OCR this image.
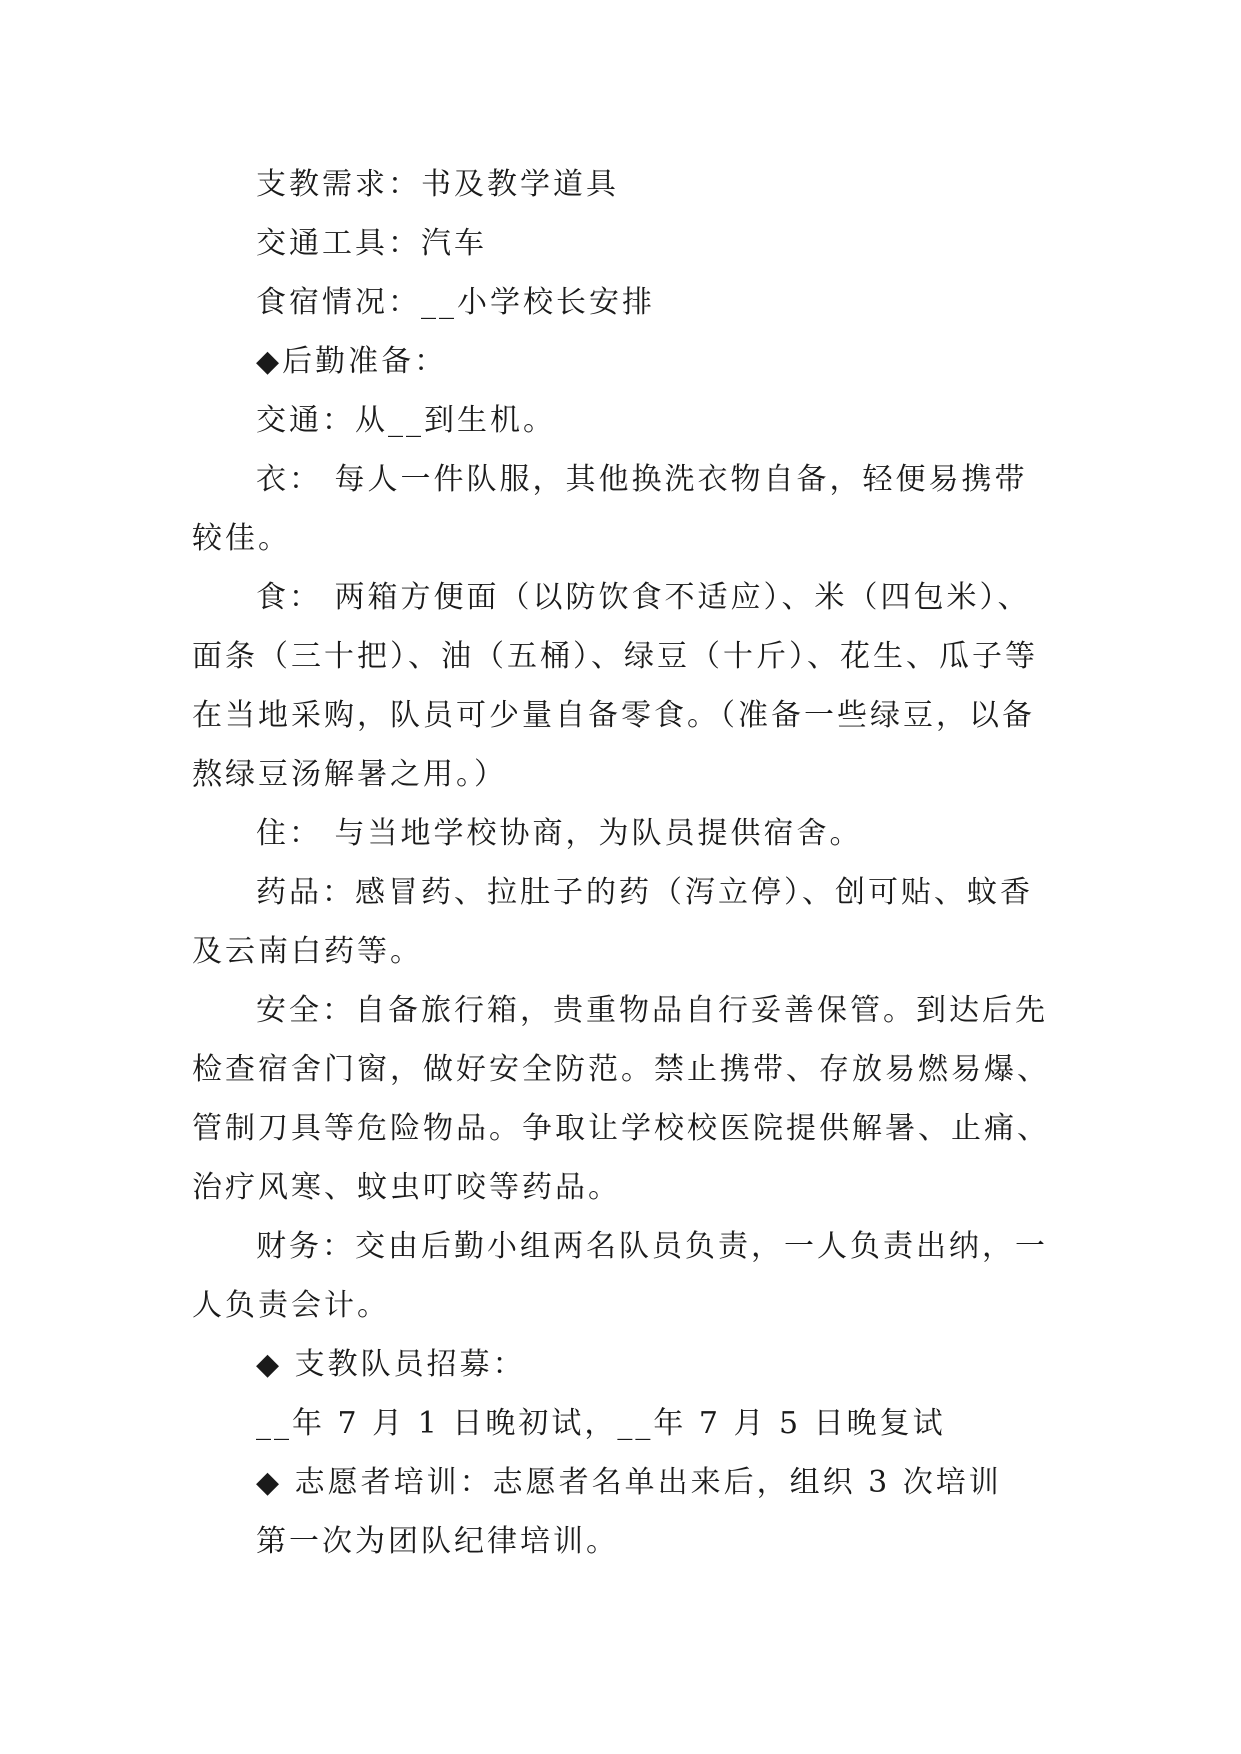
支教需求：书及教学道具
交通工具：汽车
食宿情况：__小学校长安排
◆后勤准备：
交通：从__到生机。
衣： 每人一件队服，其他换洗衣物自备，轻便易携带
较佳。
食： 两箱方便面（以防饮食不适应）、米（四包米）、
面条（三十把）、油（五桶）、绿豆（十斤）、花生、瓜子等
在当地采购，队员可少量自备零食。（准备一些绿豆，以备
熬绿豆汤解暑之用。）
住： 与当地学校协商，为队员提供宿舍。
药品：感冒药、拉肚子的药（泻立停）、创可贴、蚊香
及云南白药等。
安全：自备旅行箱，贵重物品自行妥善保管。到达后先
检查宿舍门窗，做好安全防范。禁止携带、存放易燃易爆、
管制刀具等危险物品。争取让学校校医院提供解暑、止痛、
治疗风寒、蚊虫叮咬等药品。
财务：交由后勤小组两名队员负责，一人负责出纳，一
人负责会计。
◆ 支教队员招募：
__年 7 月 1 日晚初试，__年 7 月 5 日晚复试
◆ 志愿者培训：志愿者名单出来后，组织 3 次培训
第一次为团队纪律培训。
